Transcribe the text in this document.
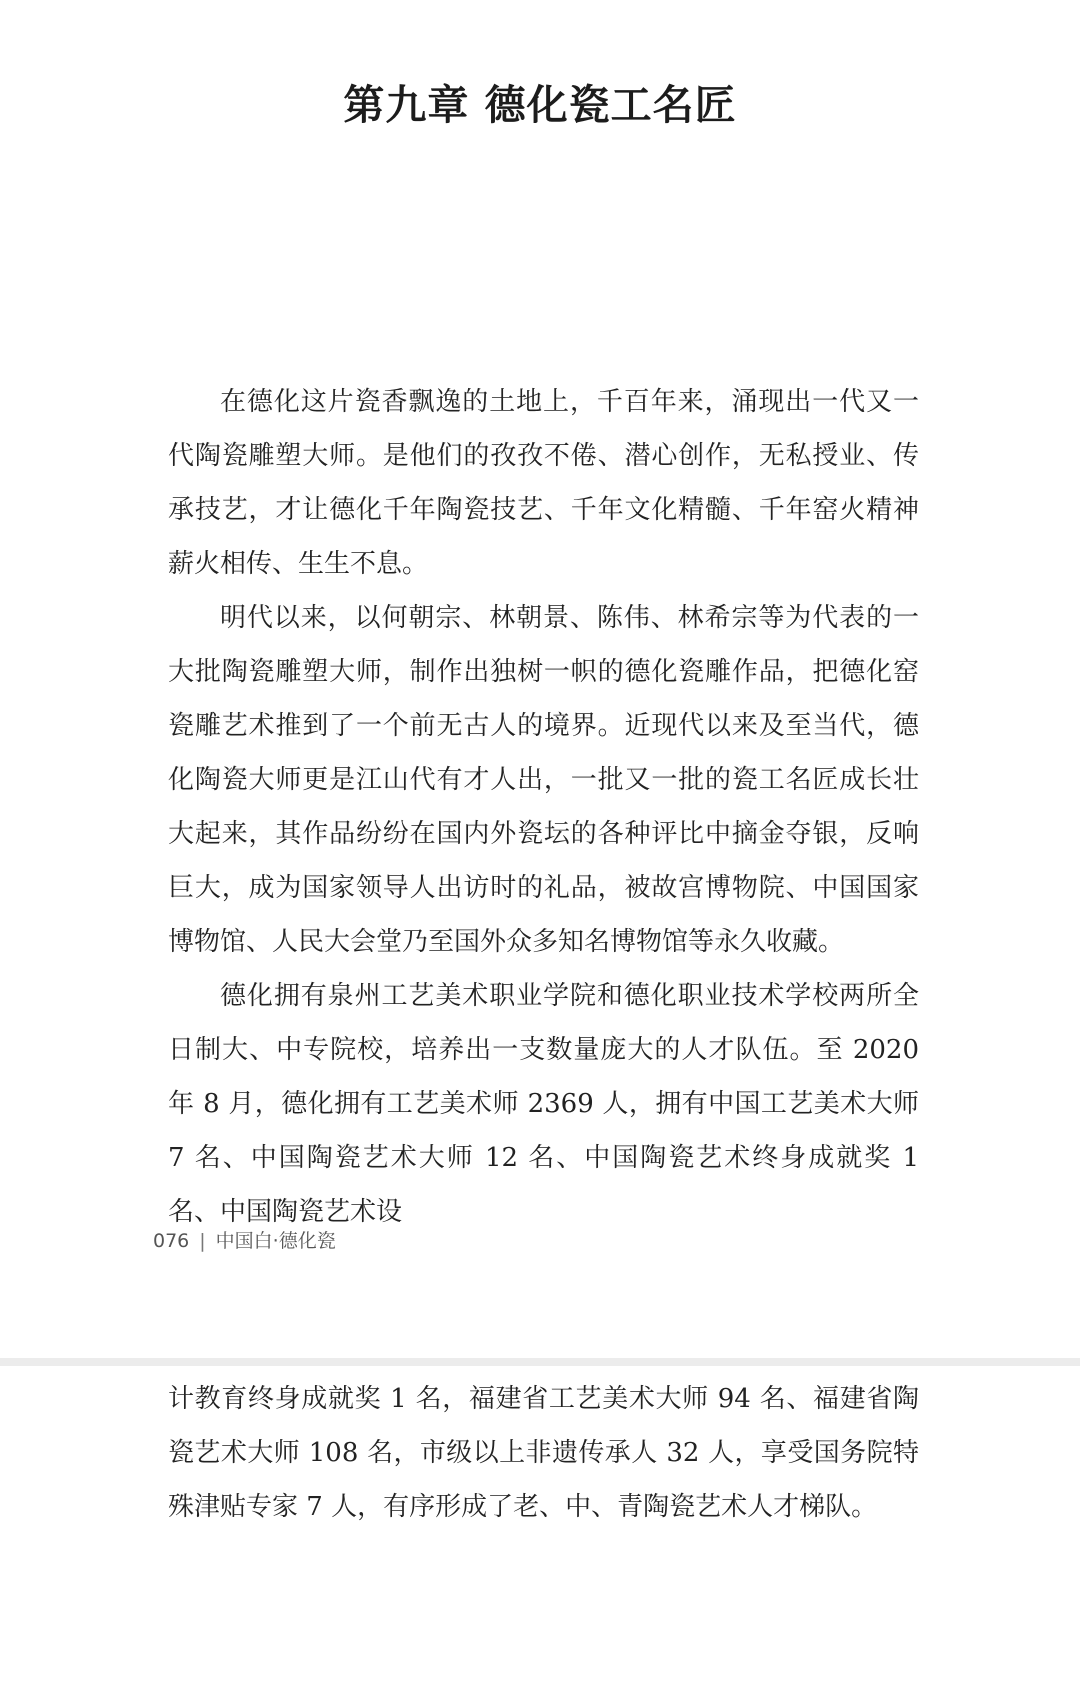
第九章 德化瓷工名匠

在德化这片瓷香飘逸的土地上，千百年来，涌现出一代又一代陶瓷雕塑大师。是他们的孜孜不倦、潜心创作，无私授业、传承技艺，才让德化千年陶瓷技艺、千年文化精髓、千年窑火精神薪火相传、生生不息。

明代以来，以何朝宗、林朝景、陈伟、林希宗等为代表的一大批陶瓷雕塑大师，制作出独树一帜的德化瓷雕作品，把德化窑瓷雕艺术推到了一个前无古人的境界。近现代以来及至当代，德化陶瓷大师更是江山代有才人出，一批又一批的瓷工名匠成长壮大起来，其作品纷纷在国内外瓷坛的各种评比中摘金夺银，反响巨大，成为国家领导人出访时的礼品，被故宫博物院、中国国家博物馆、人民大会堂乃至国外众多知名博物馆等永久收藏。

德化拥有泉州工艺美术职业学院和德化职业技术学校两所全日制大、中专院校，培养出一支数量庞大的人才队伍。至 2020 年 8 月，德化拥有工艺美术师 2369 人，拥有中国工艺美术大师 7 名、中国陶瓷艺术大师 12 名、中国陶瓷艺术终身成就奖 1 名、中国陶瓷艺术设

076 | 中国白·德化瓷

计教育终身成就奖 1 名，福建省工艺美术大师 94 名、福建省陶瓷艺术大师 108 名，市级以上非遗传承人 32 人，享受国务院特殊津贴专家 7 人，有序形成了老、中、青陶瓷艺术人才梯队。
